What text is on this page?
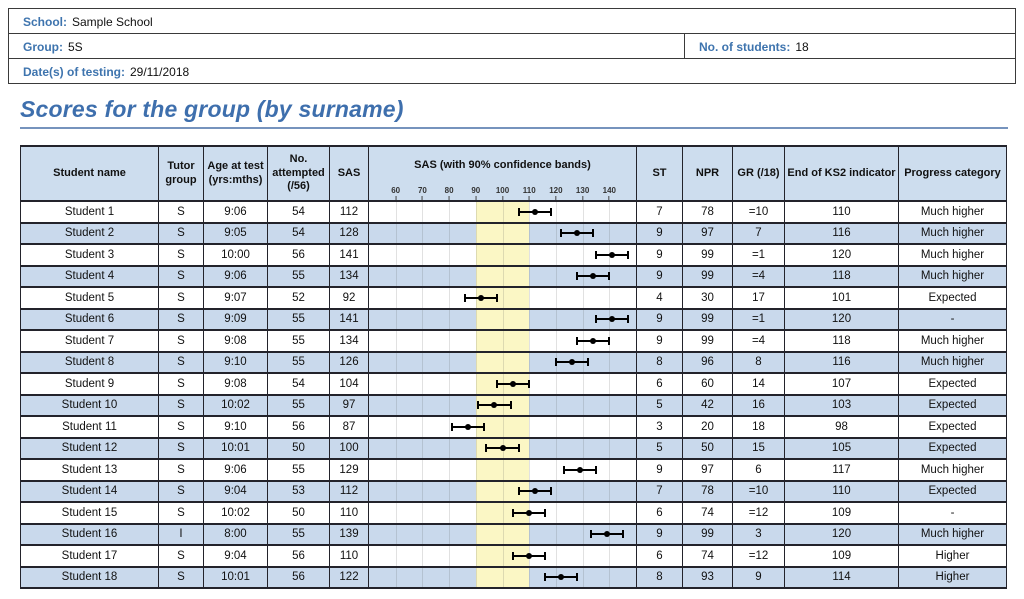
School: Sample School
Group: 5S	No. of students: 18
Date(s) of testing: 29/11/2018
Scores for the group (by surname)
Student name	Tutor group	Age at test (yrs:mths)	No. attempted (/56)	SAS	
SAS (with 90% confidence bands)
60 70 80 90 100 110 120 130 140
	ST	NPR	GR (/18)	End of KS2 indicator	Progress category
Student 1	S	9:06	54	112		7	78	=10	110	Much higher
Student 2	S	9:05	54	128		9	97	7	116	Much higher
Student 3	S	10:00	56	141		9	99	=1	120	Much higher
Student 4	S	9:06	55	134		9	99	=4	118	Much higher
Student 5	S	9:07	52	92		4	30	17	101	Expected
Student 6	S	9:09	55	141		9	99	=1	120	-
Student 7	S	9:08	55	134		9	99	=4	118	Much higher
Student 8	S	9:10	55	126		8	96	8	116	Much higher
Student 9	S	9:08	54	104		6	60	14	107	Expected
Student 10	S	10:02	55	97		5	42	16	103	Expected
Student 11	S	9:10	56	87		3	20	18	98	Expected
Student 12	S	10:01	50	100		5	50	15	105	Expected
Student 13	S	9:06	55	129		9	97	6	117	Much higher
Student 14	S	9:04	53	112		7	78	=10	110	Expected
Student 15	S	10:02	50	110		6	74	=12	109	-
Student 16	I	8:00	55	139		9	99	3	120	Much higher
Student 17	S	9:04	56	110		6	74	=12	109	Higher
Student 18	S	10:01	56	122		8	93	9	114	Higher
